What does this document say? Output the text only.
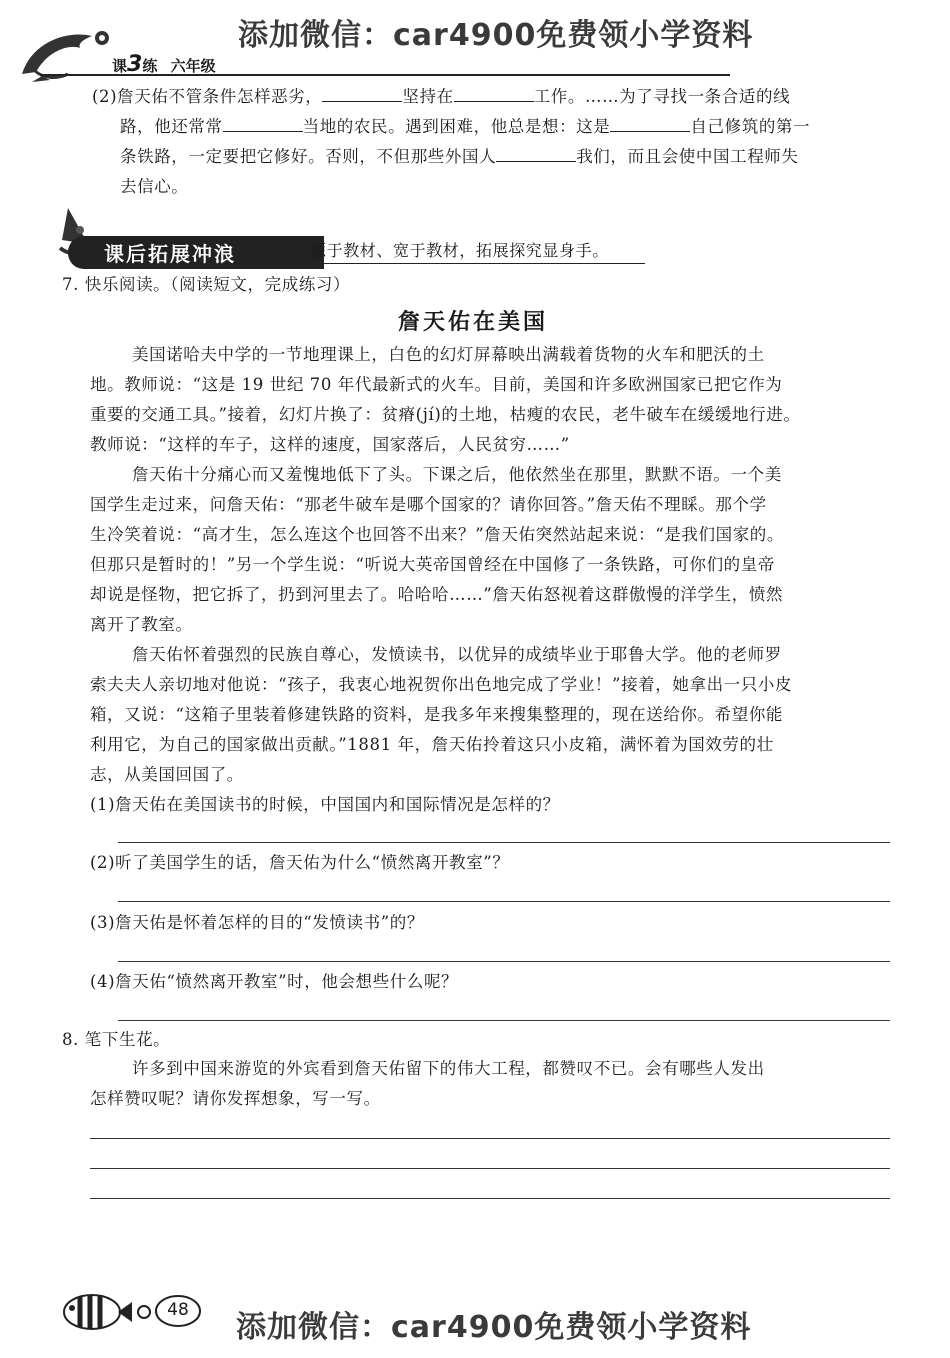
添加微信：car4900免费领小学资料
课3练 六年级
(2)詹天佑不管条件怎样恶劣，	坚持在	工作。……为了寻找一条合适的线
路，他还常常	当地的农民。遇到困难，他总是想：这是	自己修筑的第一
条铁路，一定要把它修好。否则，不但那些外国人	我们，而且会使中国工程师失
去信心。
课后拓展冲浪	源于教材、宽于教材，拓展探究显身手。
7. 快乐阅读。（阅读短文，完成练习）
詹天佑在美国
美国诺哈夫中学的一节地理课上，白色的幻灯屏幕映出满载着货物的火车和肥沃的土
地。教师说：“这是 19 世纪 70 年代最新式的火车。目前，美国和许多欧洲国家已把它作为
重要的交通工具。”接着，幻灯片换了：贫瘠(jí)的土地，枯瘦的农民，老牛破车在缓缓地行进。
教师说：“这样的车子，这样的速度，国家落后，人民贫穷……”
詹天佑十分痛心而又羞愧地低下了头。下课之后，他依然坐在那里，默默不语。一个美
国学生走过来，问詹天佑：“那老牛破车是哪个国家的？请你回答。”詹天佑不理睬。那个学
生冷笑着说：“高才生，怎么连这个也回答不出来？”詹天佑突然站起来说：“是我们国家的。
但那只是暂时的！”另一个学生说：“听说大英帝国曾经在中国修了一条铁路，可你们的皇帝
却说是怪物，把它拆了，扔到河里去了。哈哈哈……”詹天佑怒视着这群傲慢的洋学生，愤然
离开了教室。
詹天佑怀着强烈的民族自尊心，发愤读书，以优异的成绩毕业于耶鲁大学。他的老师罗
索夫夫人亲切地对他说：“孩子，我衷心地祝贺你出色地完成了学业！”接着，她拿出一只小皮
箱，又说：“这箱子里装着修建铁路的资料，是我多年来搜集整理的，现在送给你。希望你能
利用它，为自己的国家做出贡献。”1881 年，詹天佑拎着这只小皮箱，满怀着为国效劳的壮
志，从美国回国了。
(1)詹天佑在美国读书的时候，中国国内和国际情况是怎样的？
(2)听了美国学生的话，詹天佑为什么“愤然离开教室”？
(3)詹天佑是怀着怎样的目的“发愤读书”的？
(4)詹天佑“愤然离开教室”时，他会想些什么呢？
8. 笔下生花。
许多到中国来游览的外宾看到詹天佑留下的伟大工程，都赞叹不已。会有哪些人发出
怎样赞叹呢？请你发挥想象，写一写。
48	添加微信：car4900免费领小学资料
